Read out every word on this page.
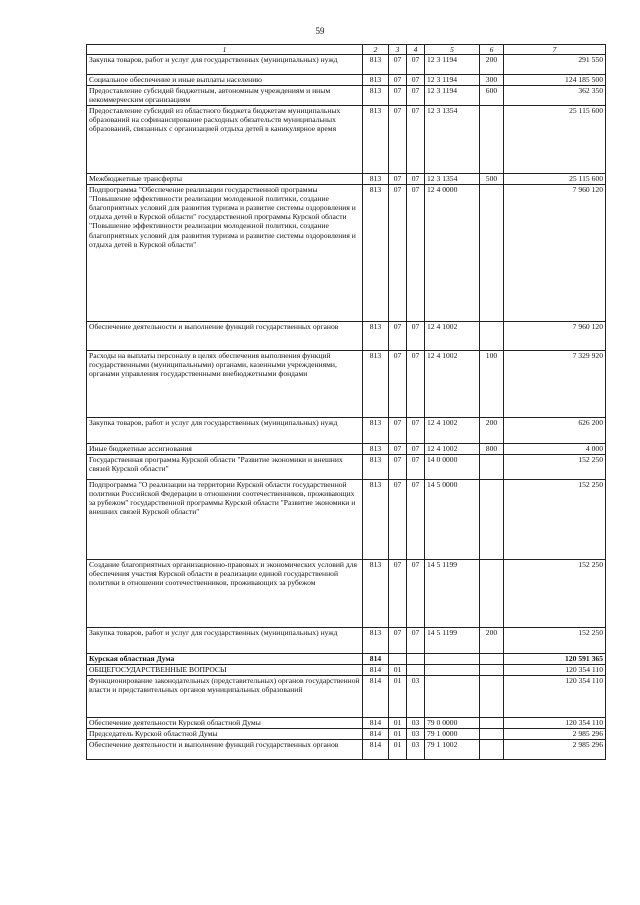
59
1	2	3	4	5	6	7
Закупка товаров, работ и услуг для государственных (муниципальных) нужд	813	07	07	12 3 1194	200	291 550
Социальное обеспечение и иные выплаты населению	813	07	07	12 3 1194	300	124 185 500
Предоставление субсидий бюджетным, автономным учреждениям и иным некоммерческим организациям	813	07	07	12 3 1194	600	362 350
Предоставление субсидий из областного бюджета бюджетам муниципальных образований на софинансирование расходных обязательств муниципальных образований, связанных с организацией отдыха детей в каникулярное время	813	07	07	12 3 1354		25 115 600
Межбюджетные трансферты	813	07	07	12 3 1354	500	25 115 600
Подпрограмма "Обеспечение реализации государственной программы "Повышение эффективности реализации молодежной политики, создание благоприятных условий для развития туризма и развитие системы оздоровления и отдыха детей в Курской области" государственной программы Курской области "Повышение эффективности реализации молодежной политики, создание благоприятных условий для развития туризма и развитие системы оздоровления и отдыха детей в Курской области"	813	07	07	12 4 0000		7 960 120
Обеспечение деятельности и выполнение функций государственных органов	813	07	07	12 4 1002		7 960 120
Расходы на выплаты персоналу в целях обеспечения выполнения функций государственными (муниципальными) органами, казенными учреждениями, органами управления государственными внебюджетными фондами	813	07	07	12 4 1002	100	7 329 920
Закупка товаров, работ и услуг для государственных (муниципальных) нужд	813	07	07	12 4 1002	200	626 200
Иные бюджетные ассигнования	813	07	07	12 4 1002	800	4 000
Государственная программа Курской области "Развитие экономики и внешних связей Курской области"	813	07	07	14 0 0000		152 250
Подпрограмма "О реализации на территории Курской области государственной политики Российской Федерации в отношении соотечественников, проживающих за рубежом" государственной программы Курской области "Развитие экономики и внешних связей Курской области"	813	07	07	14 5 0000		152 250
Создание благоприятных организационно-правовых и экономических условий для обеспечения участия Курской области в реализации единой государственной политики в отношении соотечественников, проживающих за рубежом	813	07	07	14 5 1199		152 250
Закупка товаров, работ и услуг для государственных (муниципальных) нужд	813	07	07	14 5 1199	200	152 250
Курская областная Дума	814					120 591 365
ОБЩЕГОСУДАРСТВЕННЫЕ ВОПРОСЫ	814	01				120 354 110
Функционирование законодательных (представительных) органов государственной власти и представительных органов муниципальных образований	814	01	03			120 354 110
Обеспечение деятельности Курской областной Думы	814	01	03	79 0 0000		120 354 110
Председатель Курской областной Думы	814	01	03	79 1 0000		2 985 296
Обеспечение деятельности и выполнение функций государственных органов	814	01	03	79 1 1002		2 985 296
